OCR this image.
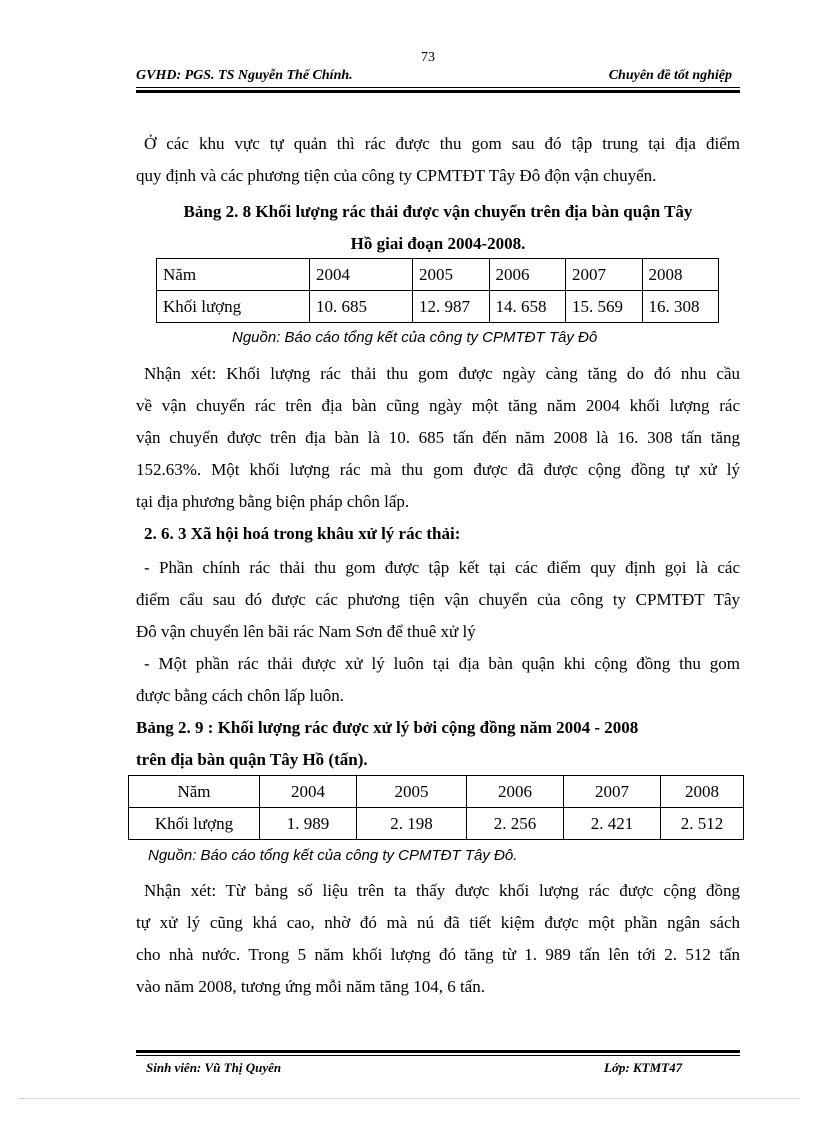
73
GVHD: PGS. TS Nguyễn Thế Chính.	Chuyên đề tốt nghiệp
Ở các khu vực tự quản thì rác được thu gom sau đó tập trung tại địa điểm
quy định và các phương tiện của công ty CPMTĐT Tây Đô đ​ộn vận chuyển.
Bảng 2. 8 Khối lượng rác thải được vận chuyển trên địa bàn quận Tây
Hồ giai đoạn 2004-2008.
Năm	2004	2005	2006	2007	2008
Khối lượng	10. 685	12. 987	14. 658	15. 569	16. 308
Nguồn: Báo cáo tổng kết của công ty CPMTĐT Tây Đô
Nhận xét: Khối lượng rác thải thu gom được ngày càng tăng do đó nhu cầu
về vận chuyển rác trên địa bàn cũng ngày một tăng năm 2004 khối lượng rác
vận chuyển được trên địa bàn là 10. 685 tấn đến năm 2008 là 16. 308 tấn tăng
152.63%. Một khối lượng rác mà thu gom được đã được cộng đồng tự xử lý
tại địa phương bằng biện pháp chôn lấp.
2. 6. 3 Xã hội hoá trong khâu xử lý rác thải:
- Phần chính rác thải thu gom được tập kết tại các điểm quy định gọi là các
điểm cẩu sau đó được các phương tiện vận chuyển của công ty CPMTĐT Tây
Đô vận chuyển lên bãi rác Nam Sơn để thuê xử lý
- Một phần rác thải được xử lý luôn tại địa bàn quận khi cộng đồng thu gom
được bằng cách chôn lấp luôn.
Bảng 2. 9 : Khối lượng rác được xử lý bởi cộng đồng năm 2004 - 2008
trên địa bàn quận Tây Hồ (tấn).
Năm	2004	2005	2006	2007	2008
Khối lượng	1. 989	2. 198	2. 256	2. 421	2. 512
Nguồn: Báo cáo tổng kết của công ty CPMTĐT Tây Đô.
Nhận xét: Từ bảng số liệu trên ta thấy được khối lượng rác được cộng đồng
tự xử lý cũng khá cao, nhờ đó mà nú đã tiết kiệm được một phần ngân sách
cho nhà nước. Trong 5 năm khối lượng đó tăng từ 1. 989 tấn lên tới 2. 512 tấn
vào năm 2008, tương ứng mỗi năm tăng 104, 6 tấn.
Sinh viên: Vũ Thị Quyên	Lớp: KTMT47
